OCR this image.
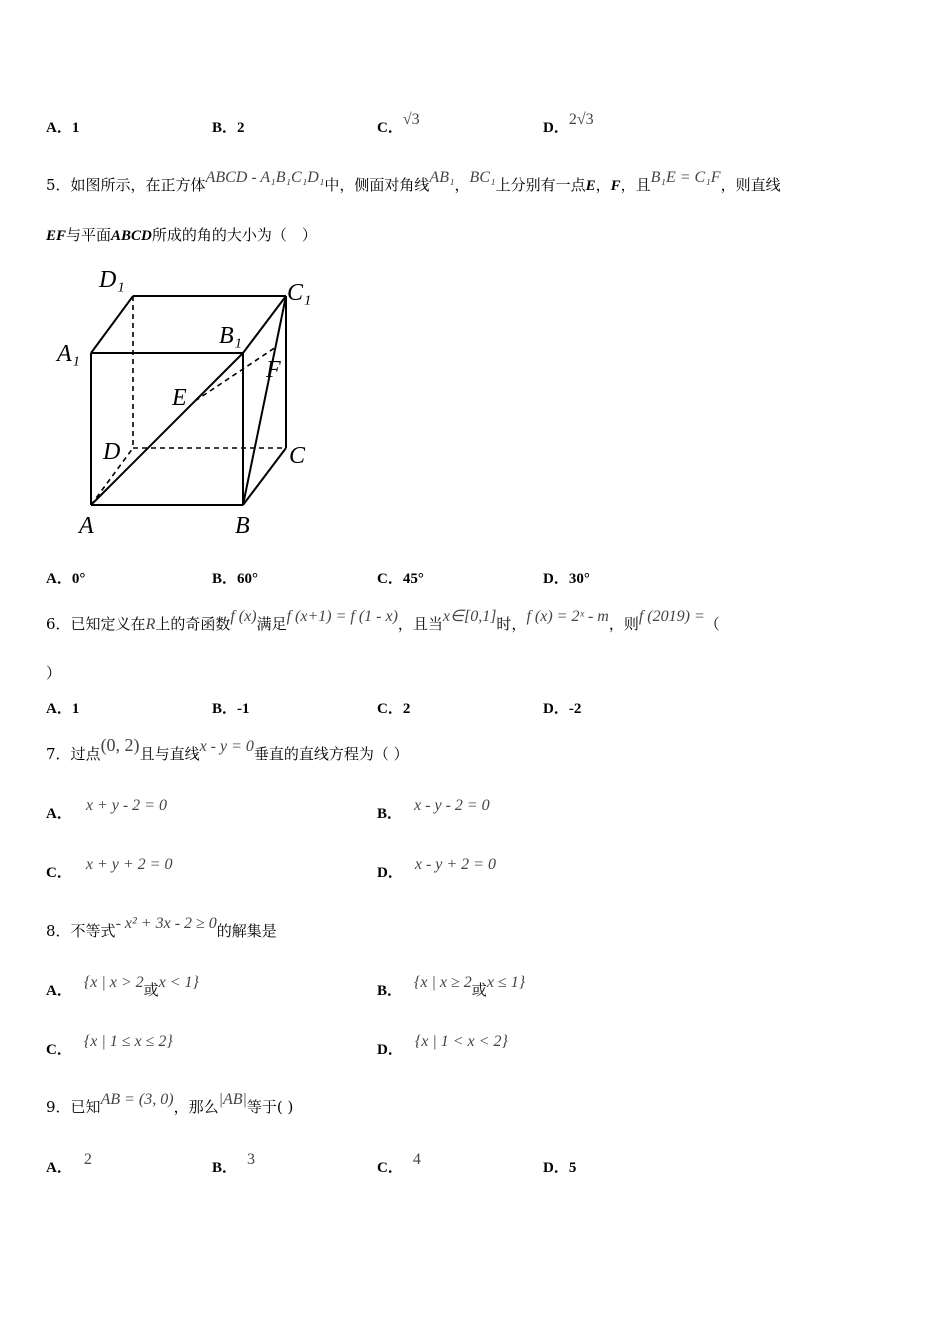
A．1	B．2	C．√3	D．2√3
5．如图所示，在正方体ABCD - A₁B₁C₁D₁中，侧面对角线AB₁，BC₁上分别有一点E，F，且B₁E = C₁F，则直线
EF与平面ABCD所成的角的大小为（　）
D₁	C₁
A₁
B₁
E
F
D	C
A	B
A．0°	B．60°	C．45°	D．30°
6．已知定义在R上的奇函数f (x)满足f (x+1) = f (1 - x)，且当x∈[0,1]时，f (x) = 2ˣ - m，则f (2019) =（
）
A．1	B．-1	C．2	D．-2
7．过点(0, 2)且与直线x - y = 0垂直的直线方程为（ ）
A． x + y - 2 = 0	B． x - y - 2 = 0
C． x + y + 2 = 0	D． x - y + 2 = 0
8．不等式- x² + 3x - 2 ≥ 0的解集是
A． {x | x > 2或x < 1}	B． {x | x ≥ 2或x ≤ 1}
C． {x | 1 ≤ x ≤ 2}	D． {x | 1 < x < 2}
9．已知AB = (3, 0)，那么|AB|等于( )
A． 2	B． 3	C． 4	D．5
